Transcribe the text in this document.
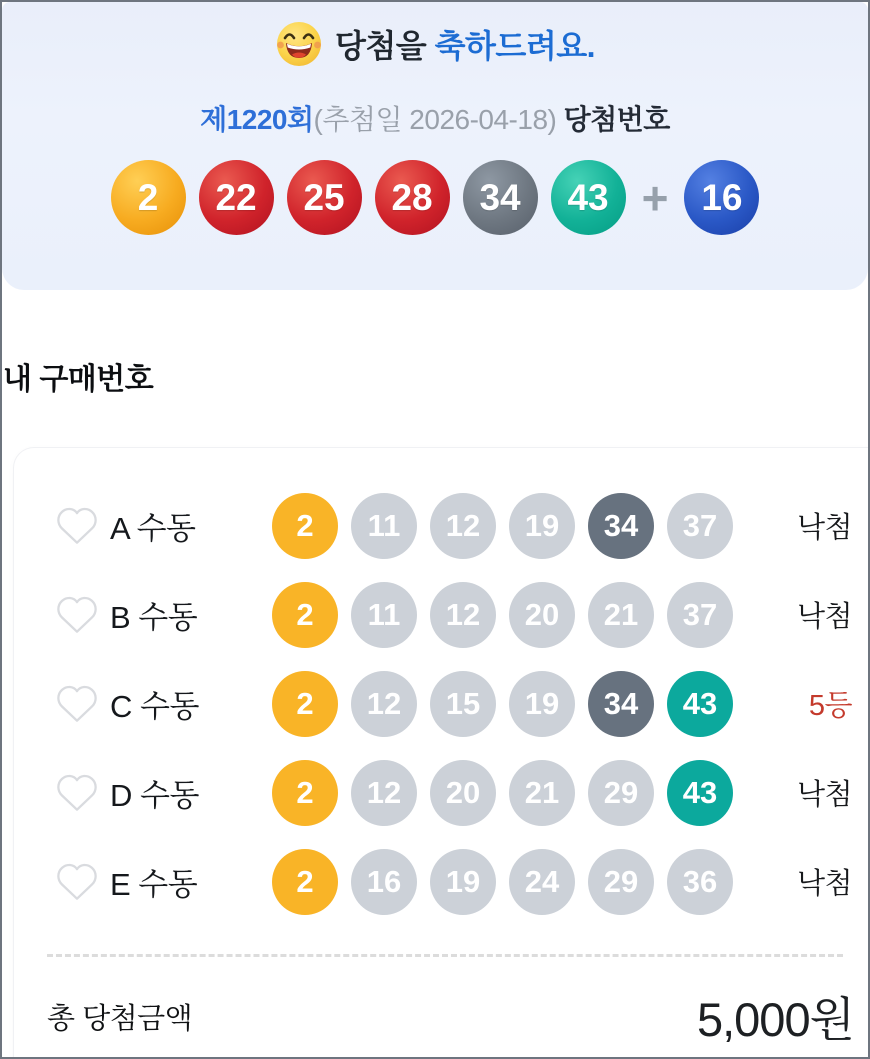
당첨을 축하드려요.
제1220회(추첨일 2026-04-18) 당첨번호
2	22	25	28	34	43 + 16
내 구매번호
A 수동	2	11	12	19	34	37	낙첨
B 수동	2	11	12	20	21	37	낙첨
C 수동	2	12	15	19	34	43	5등
D 수동	2	12	20	21	29	43	낙첨
E 수동	2	16	19	24	29	36	낙첨
총 당첨금액	5,000원
